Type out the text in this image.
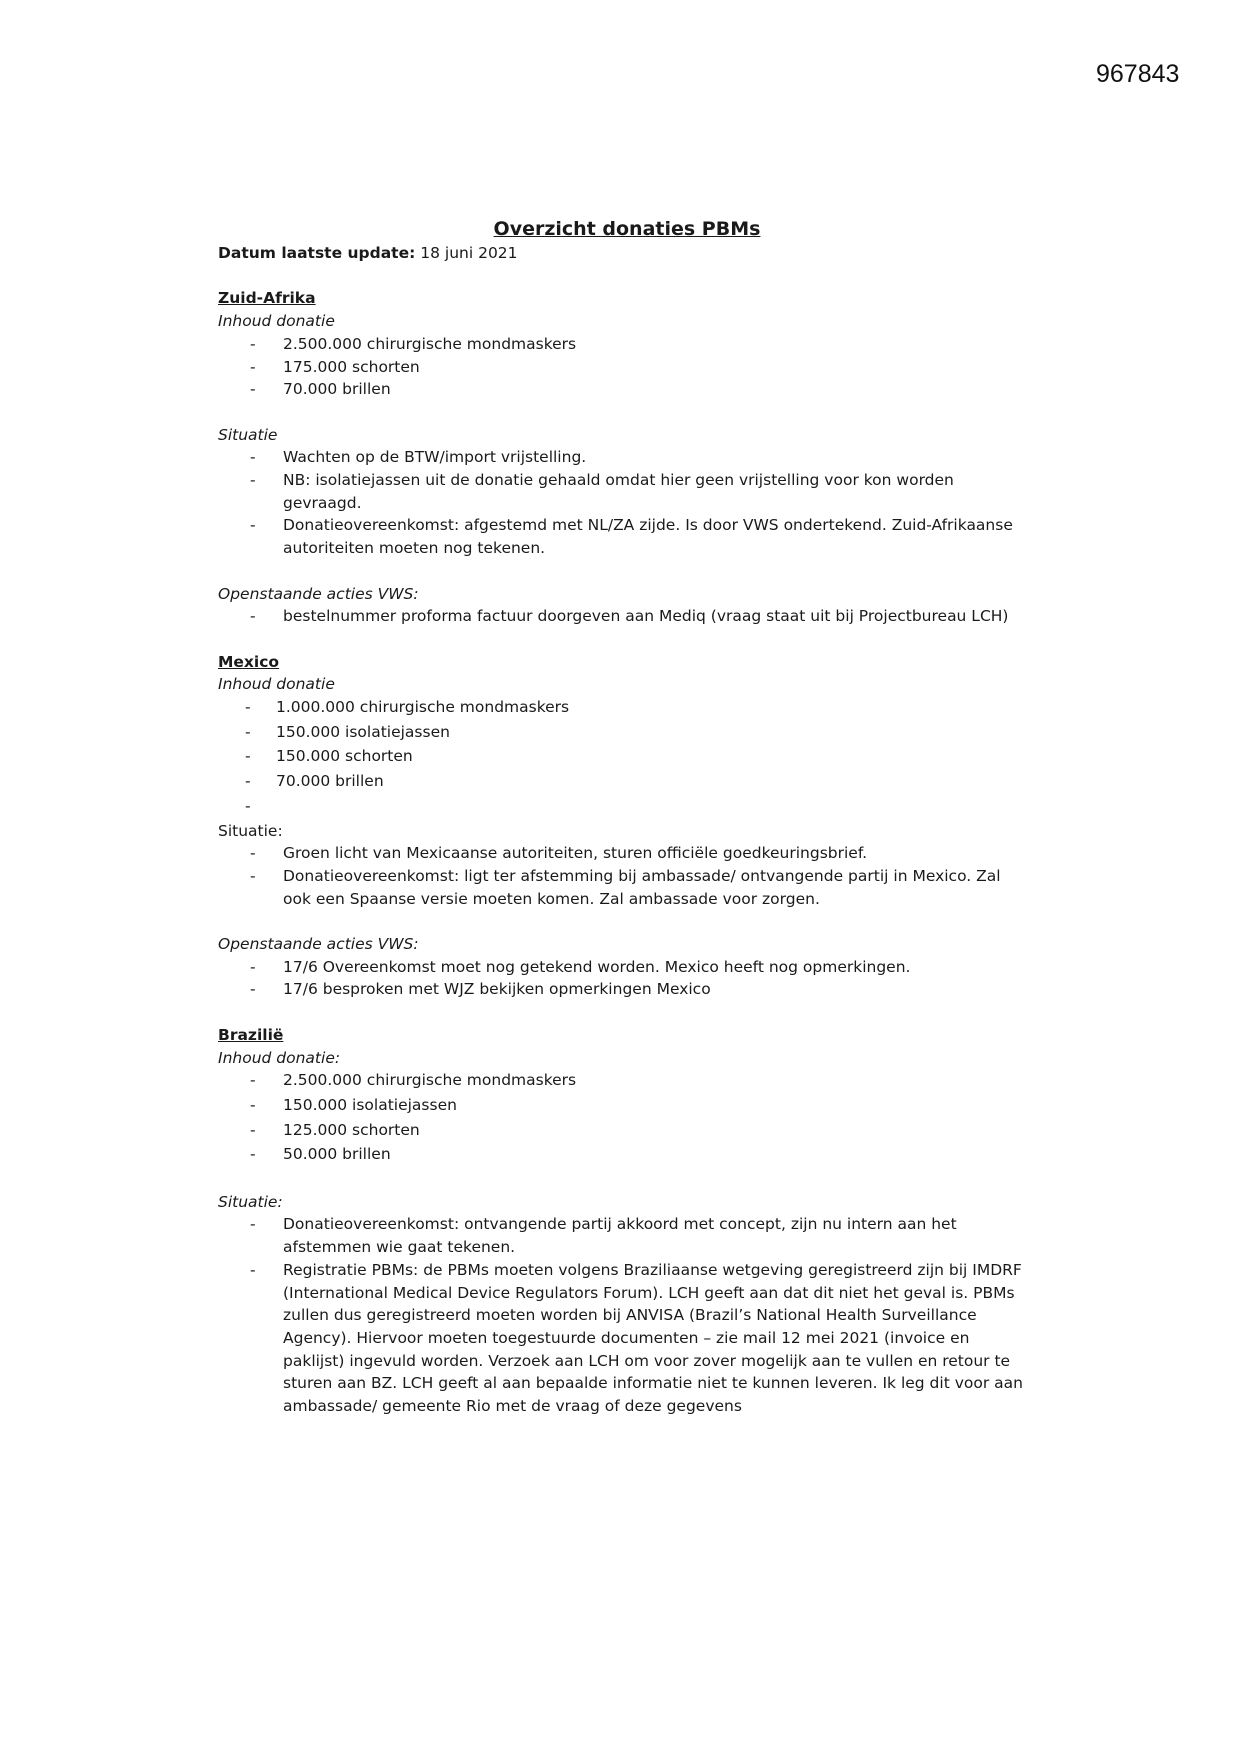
967843
Overzicht donaties PBMs

Datum laatste update: 18 juni 2021

Zuid-Afrika
Inhoud donatie
- 2.500.000 chirurgische mondmaskers
- 175.000 schorten
- 70.000 brillen
Situatie
- Wachten op de BTW/import vrijstelling.
- NB: isolatiejassen uit de donatie gehaald omdat hier geen vrijstelling voor kon worden gevraagd.
- Donatieovereenkomst: afgestemd met NL/ZA zijde. Is door VWS ondertekend. Zuid-Afrikaanse autoriteiten moeten nog tekenen.
Openstaande acties VWS:
- bestelnummer proforma factuur doorgeven aan Mediq (vraag staat uit bij Projectbureau LCH)
Mexico
Inhoud donatie
- 1.000.000 chirurgische mondmaskers
- 150.000 isolatiejassen
- 150.000 schorten
- 70.000 brillen
-
Situatie:
- Groen licht van Mexicaanse autoriteiten, sturen officiële goedkeuringsbrief.
- Donatieovereenkomst: ligt ter afstemming bij ambassade/ ontvangende partij in Mexico. Zal ook een Spaanse versie moeten komen. Zal ambassade voor zorgen.
Openstaande acties VWS:
- 17/6 Overeenkomst moet nog getekend worden. Mexico heeft nog opmerkingen.
- 17/6 besproken met WJZ bekijken opmerkingen Mexico
Brazilië
Inhoud donatie:
- 2.500.000 chirurgische mondmaskers
- 150.000 isolatiejassen
- 125.000 schorten
- 50.000 brillen
Situatie:
- Donatieovereenkomst: ontvangende partij akkoord met concept, zijn nu intern aan het afstemmen wie gaat tekenen.
- Registratie PBMs: de PBMs moeten volgens Braziliaanse wetgeving geregistreerd zijn bij IMDRF (International Medical Device Regulators Forum). LCH geeft aan dat dit niet het geval is. PBMs zullen dus geregistreerd moeten worden bij ANVISA (Brazil’s National Health Surveillance Agency). Hiervoor moeten toegestuurde documenten – zie mail 12 mei 2021 (invoice en paklijst) ingevuld worden. Verzoek aan LCH om voor zover mogelijk aan te vullen en retour te sturen aan BZ. LCH geeft al aan bepaalde informatie niet te kunnen leveren. Ik leg dit voor aan ambassade/ gemeente Rio met de vraag of deze gegevens
